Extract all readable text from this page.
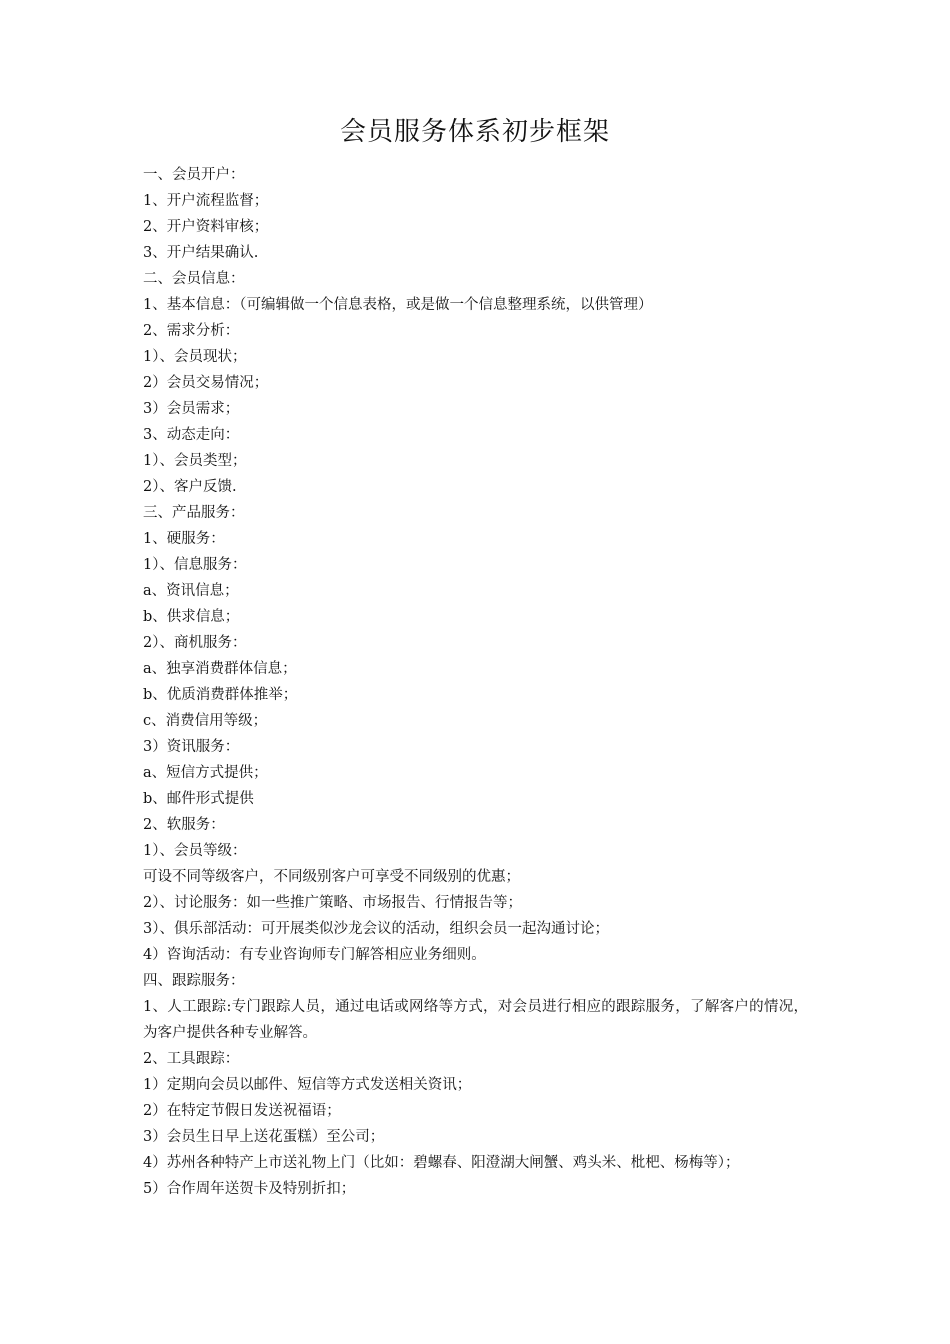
会员服务体系初步框架
一、会员开户：
1、开户流程监督；
2、开户资料审核；
3、开户结果确认.
二、会员信息：
1、基本信息：（可编辑做一个信息表格，或是做一个信息整理系统，以供管理）
2、需求分析：
1）、会员现状；
2）会员交易情况；
3）会员需求；
3、动态走向：
1）、会员类型；
2）、客户反馈.
三、产品服务：
1、硬服务：
1）、信息服务：
a、资讯信息；
b、供求信息；
2）、商机服务：
a、独享消费群体信息；
b、优质消费群体推举；
c、消费信用等级；
3）资讯服务：
a、短信方式提供；
b、邮件形式提供
2、软服务：
1）、会员等级：
可设不同等级客户，不同级别客户可享受不同级别的优惠；
2）、讨论服务：如一些推广策略、市场报告、行情报告等；
3）、俱乐部活动：可开展类似沙龙会议的活动，组织会员一起沟通讨论；
4）咨询活动：有专业咨询师专门解答相应业务细则。
四、跟踪服务：
1、人工跟踪:专门跟踪人员，通过电话或网络等方式，对会员进行相应的跟踪服务，了解客户的情况，为客户提供各种专业解答。
2、工具跟踪：
1）定期向会员以邮件、短信等方式发送相关资讯；
2）在特定节假日发送祝福语；
3）会员生日早上送花蛋糕）至公司；
4）苏州各种特产上市送礼物上门（比如：碧螺春、阳澄湖大闸蟹、鸡头米、枇杷、杨梅等）；
5）合作周年送贺卡及特别折扣；
